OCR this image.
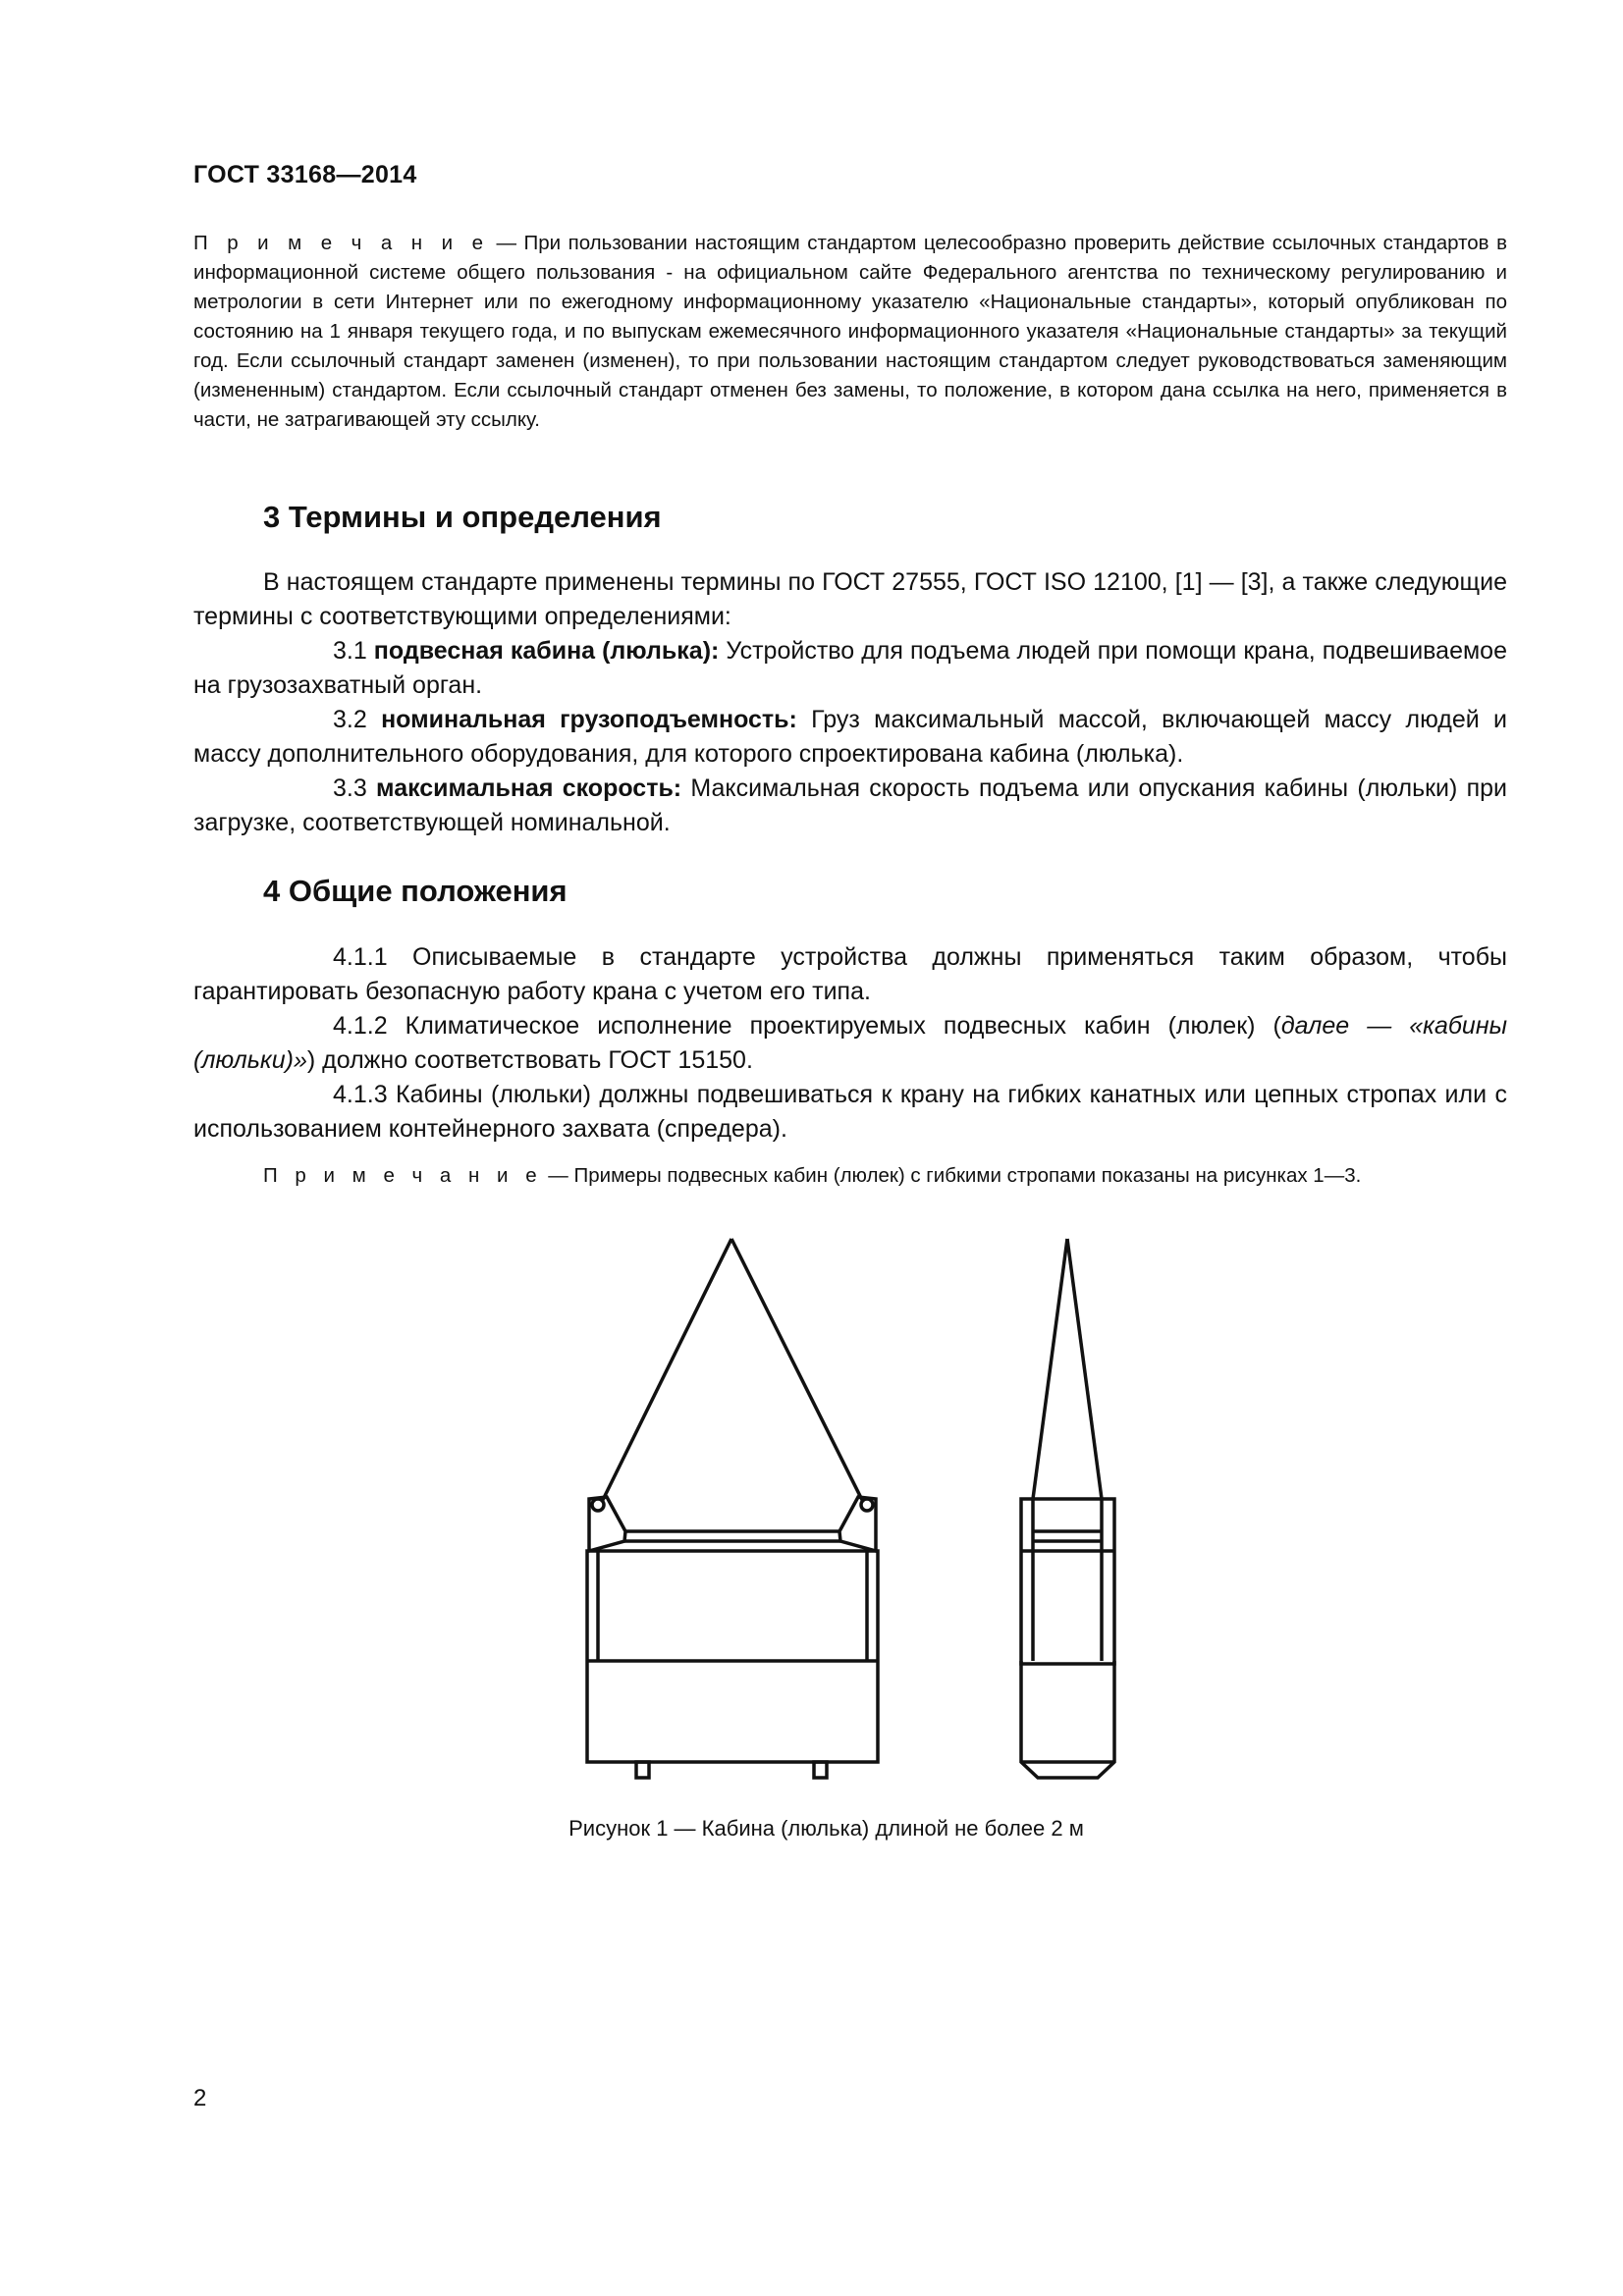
ГОСТ 33168—2014
П р и м е ч а н и е — При пользовании настоящим стандартом целесообразно проверить действие ссылочных стандартов в информационной системе общего пользования - на официальном сайте Федерального агентства по техническому регулированию и метрологии в сети Интернет или по ежегодному информационному указателю «Национальные стандарты», который опубликован по состоянию на 1 января текущего года, и по выпускам ежемесячного информационного указателя «Национальные стандарты» за текущий год. Если ссылочный стандарт заменен (изменен), то при пользовании настоящим стандартом следует руководствоваться заменяющим (измененным) стандартом. Если ссылочный стандарт отменен без замены, то положение, в котором дана ссылка на него, применяется в части, не затрагивающей эту ссылку.
3 Термины и определения

В настоящем стандарте применены термины по ГОСТ 27555, ГОСТ ISO 12100, [1] — [3], а также следующие термины с соответствующими определениями:

3.1 подвесная кабина (люлька): Устройство для подъема людей при помощи крана, подвешиваемое на грузозахватный орган.

3.2 номинальная грузоподъемность: Груз максимальный массой, включающей массу людей и массу дополнительного оборудования, для которого спроектирована кабина (люлька).

3.3 максимальная скорость: Максимальная скорость подъема или опускания кабины (люльки) при загрузке, соответствующей номинальной.

4 Общие положения

4.1.1 Описываемые в стандарте устройства должны применяться таким образом, чтобы гарантировать безопасную работу крана с учетом его типа.

4.1.2 Климатическое исполнение проектируемых подвесных кабин (люлек) (далее — «кабины (люльки)») должно соответствовать ГОСТ 15150.

4.1.3 Кабины (люльки) должны подвешиваться к крану на гибких канатных или цепных стропах или с использованием контейнерного захвата (спредера).

П р и м е ч а н и е — Примеры подвесных кабин (люлек) с гибкими стропами показаны на рисунках 1—3.
Рисунок 1 — Кабина (люлька) длиной не более 2 м
2
